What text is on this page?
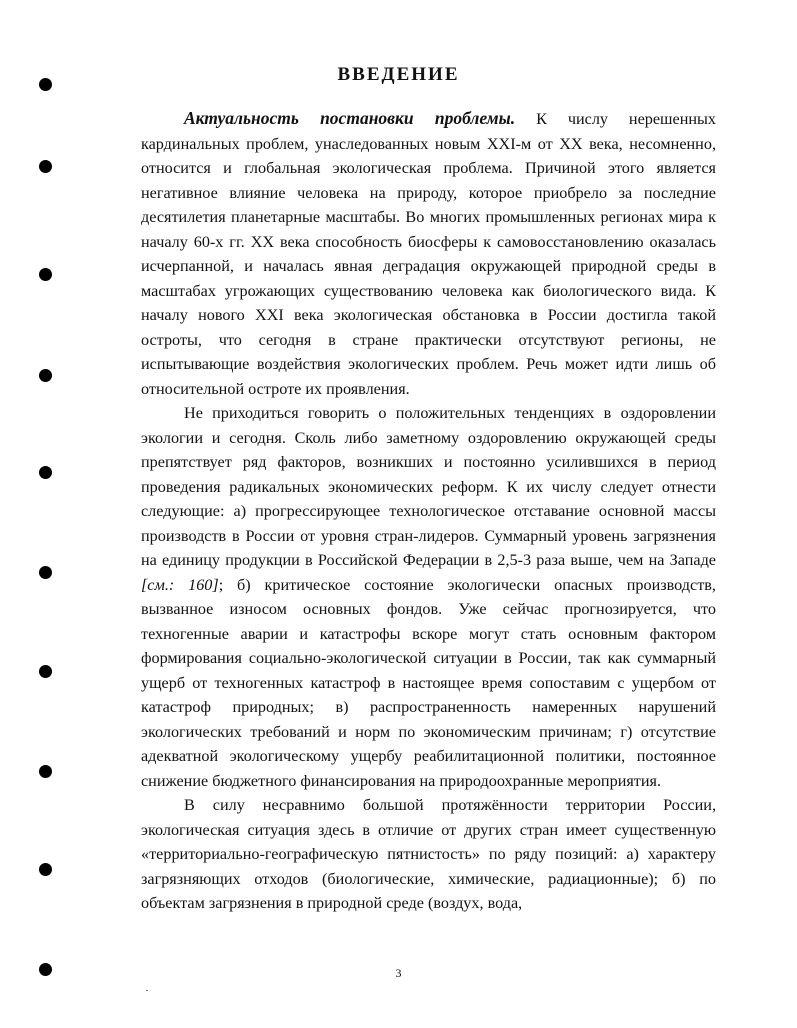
ВВЕДЕНИЕ

Актуальность постановки проблемы. К числу нерешенных кардинальных проблем, унаследованных новым XXI-м от XX века, несомненно, относится и глобальная экологическая проблема. Причиной этого является негативное влияние человека на природу, которое приобрело за последние десятилетия планетарные масштабы. Во многих промышленных регионах мира к началу 60-х гг. XX века способность биосферы к самовосстановлению оказалась исчерпанной, и началась явная деградация окружающей природной среды в масштабах угрожающих существованию человека как биологического вида. К началу нового XXI века экологическая обстановка в России достигла такой остроты, что сегодня в стране практически отсутствуют регионы, не испытывающие воздействия экологических проблем. Речь может идти лишь об относительной остроте их проявления.

Не приходиться говорить о положительных тенденциях в оздоровлении экологии и сегодня. Сколь либо заметному оздоровлению окружающей среды препятствует ряд факторов, возникших и постоянно усилившихся в период проведения радикальных экономических реформ. К их числу следует отнести следующие: а) прогрессирующее технологическое отставание основной массы производств в России от уровня стран-лидеров. Суммарный уровень загрязнения на единицу продукции в Российской Федерации в 2,5-3 раза выше, чем на Западе [см.: 160]; б) критическое состояние экологически опасных производств, вызванное износом основных фондов. Уже сейчас прогнозируется, что техногенные аварии и катастрофы вскоре могут стать основным фактором формирования социально-экологической ситуации в России, так как суммарный ущерб от техногенных катастроф в настоящее время сопоставим с ущербом от катастроф природных; в) распространенность намеренных нарушений экологических требований и норм по экономическим причинам; г) отсутствие адекватной экологическому ущербу реабилитационной политики, постоянное снижение бюджетного финансирования на природоохранные мероприятия.

В силу несравнимо большой протяжённости территории России, экологическая ситуация здесь в отличие от других стран имеет существенную «территориально-географическую пятнистость» по ряду позиций: а) характеру загрязняющих отходов (биологические, химические, радиационные); б) по объектам загрязнения в природной среде (воздух, вода,

3
